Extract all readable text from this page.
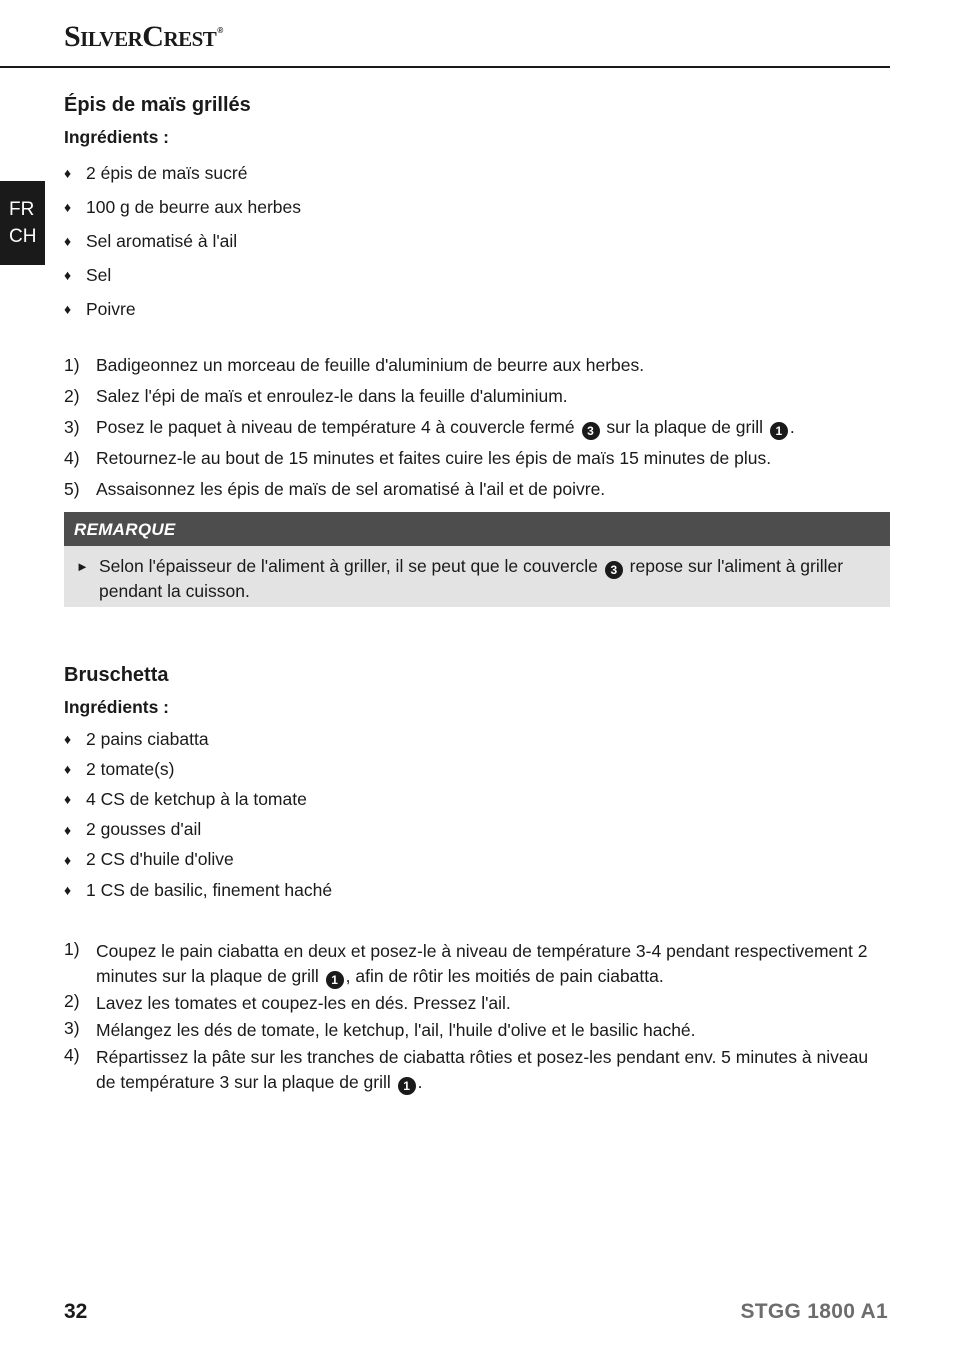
SilverCrest®
FR
CH
Épis de maïs grillés
Ingrédients :
♦ 2 épis de maïs sucré
♦ 100 g de beurre aux herbes
♦ Sel aromatisé à l'ail
♦ Sel
♦ Poivre
1) Badigeonnez un morceau de feuille d'aluminium de beurre aux herbes.
2) Salez l'épi de maïs et enroulez-le dans la feuille d'aluminium.
3) Posez le paquet à niveau de température 4 à couvercle fermé 3 sur la plaque de grill 1 .
4) Retournez-le au bout de 15 minutes et faites cuire les épis de maïs 15 minutes de plus.
5) Assaisonnez les épis de maïs de sel aromatisé à l'ail et de poivre.
REMARQUE
► Selon l'épaisseur de l'aliment à griller, il se peut que le couvercle 3 repose sur l'aliment à griller pendant la cuisson.
Bruschetta
Ingrédients :
♦ 2 pains ciabatta
♦ 2 tomate(s)
♦ 4 CS de ketchup à la tomate
♦ 2 gousses d'ail
♦ 2 CS d'huile d'olive
♦ 1 CS de basilic, finement haché
1) Coupez le pain ciabatta en deux et posez-le à niveau de température 3-4 pendant respectivement 2 minutes sur la plaque de grill 1 , afin de rôtir les moitiés de pain ciabatta.
2) Lavez les tomates et coupez-les en dés. Pressez l'ail.
3) Mélangez les dés de tomate, le ketchup, l'ail, l'huile d'olive et le basilic haché.
4) Répartissez la pâte sur les tranches de ciabatta rôties et posez-les pendant env. 5 minutes à niveau de température 3 sur la plaque de grill 1 .
32	STGG 1800 A1
